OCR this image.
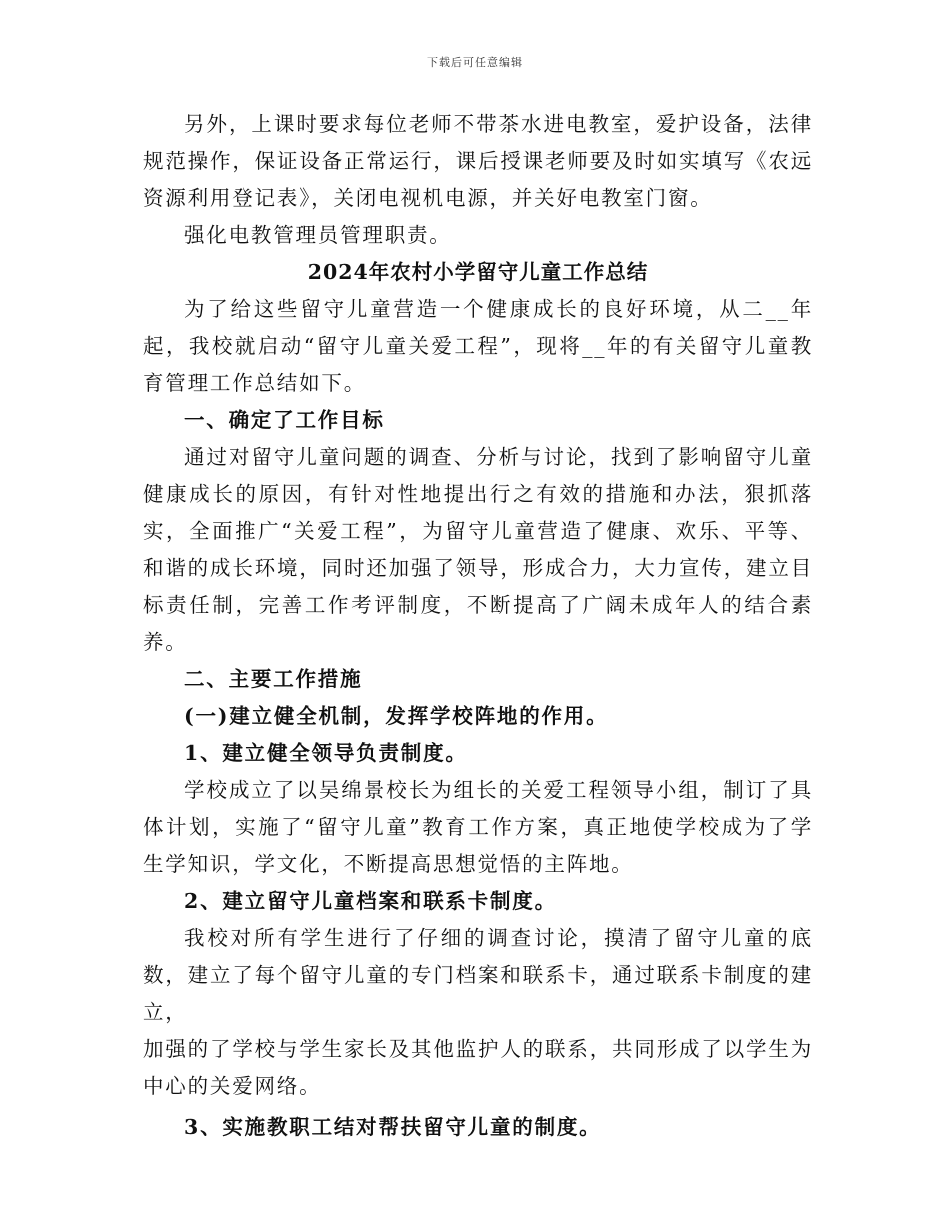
下载后可任意编辑

另外，上课时要求每位老师不带茶水进电教室，爱护设备，法律规范操作，保证设备正常运行，课后授课老师要及时如实填写《农远资源利用登记表》，关闭电视机电源，并关好电教室门窗。

强化电教管理员管理职责。

2024年农村小学留守儿童工作总结

为了给这些留守儿童营造一个健康成长的良好环境，从二__年起，我校就启动“留守儿童关爱工程”，现将__年的有关留守儿童教育管理工作总结如下。

一、确定了工作目标

通过对留守儿童问题的调查、分析与讨论，找到了影响留守儿童健康成长的原因，有针对性地提出行之有效的措施和办法，狠抓落实，全面推广“关爱工程”，为留守儿童营造了健康、欢乐、平等、和谐的成长环境，同时还加强了领导，形成合力，大力宣传，建立目标责任制，完善工作考评制度，不断提高了广阔未成年人的结合素养。

二、主要工作措施

(一)建立健全机制，发挥学校阵地的作用。

1、建立健全领导负责制度。

学校成立了以吴绵景校长为组长的关爱工程领导小组，制订了具体计划，实施了“留守儿童”教育工作方案，真正地使学校成为了学生学知识，学文化，不断提高思想觉悟的主阵地。

2、建立留守儿童档案和联系卡制度。

我校对所有学生进行了仔细的调查讨论，摸清了留守儿童的底数，建立了每个留守儿童的专门档案和联系卡，通过联系卡制度的建立，

加强的了学校与学生家长及其他监护人的联系，共同形成了以学生为中心的关爱网络。

3、实施教职工结对帮扶留守儿童的制度。
